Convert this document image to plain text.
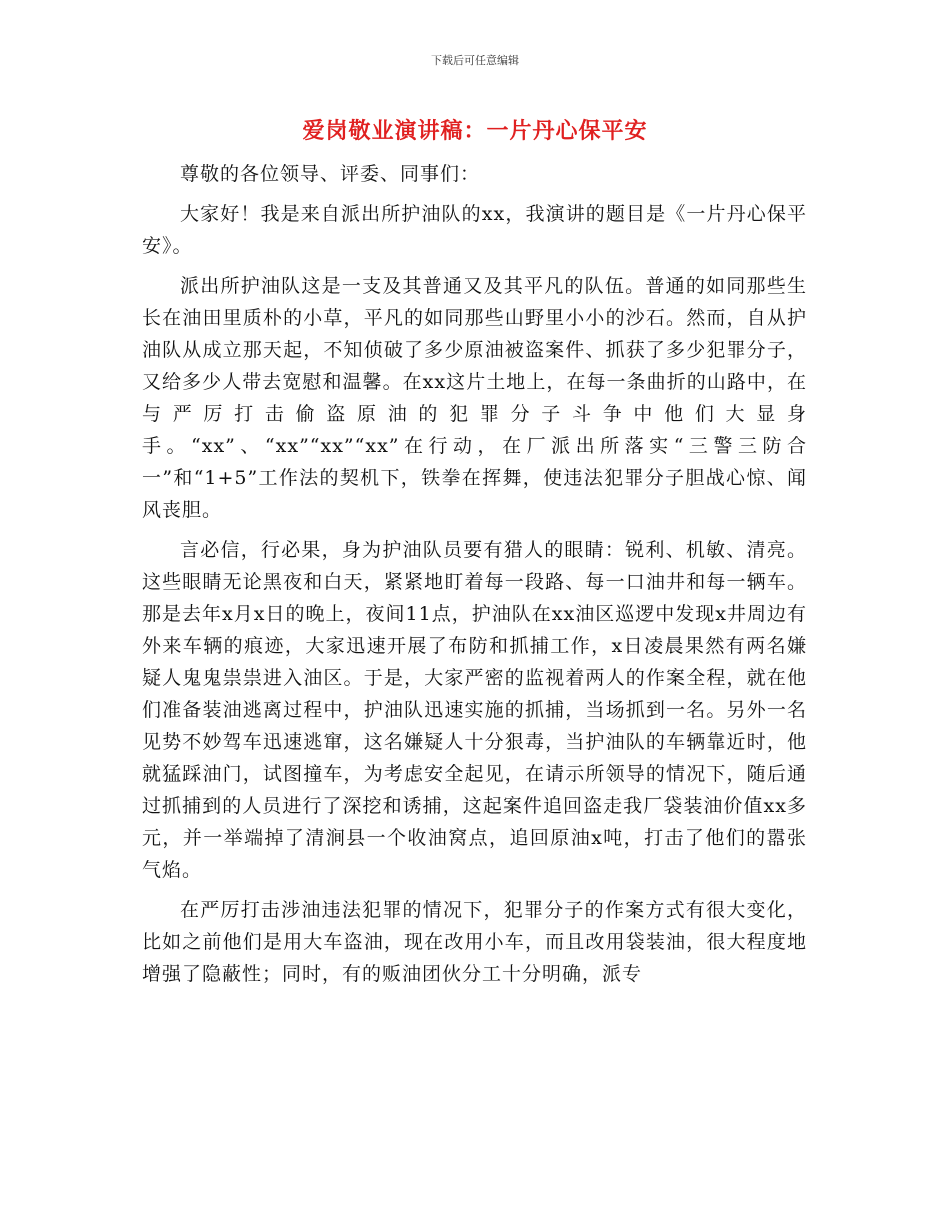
下载后可任意编辑
爱岗敬业演讲稿：一片丹心保平安

尊敬的各位领导、评委、同事们：

大家好！我是来自派出所护油队的xx，我演讲的题目是《一片丹心保平安》。

派出所护油队这是一支及其普通又及其平凡的队伍。普通的如同那些生长在油田里质朴的小草，平凡的如同那些山野里小小的沙石。然而，自从护油队从成立那天起，不知侦破了多少原油被盗案件、抓获了多少犯罪分子，又给多少人带去宽慰和温馨。在xx这片土地上，在每一条曲折的山路中，在与严厉打击偷盗原油的犯罪分子斗争中他们大显身手。“xx”、“xx”“xx”“xx”在行动，在厂派出所落实“三警三防合一”和“1+5”工作法的契机下，铁拳在挥舞，使违法犯罪分子胆战心惊、闻风丧胆。

言必信，行必果，身为护油队员要有猎人的眼睛：锐利、机敏、清亮。这些眼睛无论黑夜和白天，紧紧地盯着每一段路、每一口油井和每一辆车。那是去年x月x日的晚上，夜间11点，护油队在xx油区巡逻中发现x井周边有外来车辆的痕迹，大家迅速开展了布防和抓捕工作，x日凌晨果然有两名嫌疑人鬼鬼祟祟进入油区。于是，大家严密的监视着两人的作案全程，就在他们准备装油逃离过程中，护油队迅速实施的抓捕，当场抓到一名。另外一名见势不妙驾车迅速逃窜，这名嫌疑人十分狠毒，当护油队的车辆靠近时，他就猛踩油门，试图撞车，为考虑安全起见，在请示所领导的情况下，随后通过抓捕到的人员进行了深挖和诱捕，这起案件追回盗走我厂袋装油价值xx多元，并一举端掉了清涧县一个收油窝点，追回原油x吨，打击了他们的嚣张气焰。

在严厉打击涉油违法犯罪的情况下，犯罪分子的作案方式有很大变化，比如之前他们是用大车盗油，现在改用小车，而且改用袋装油，很大程度地增强了隐蔽性；同时，有的贩油团伙分工十分明确，派专
